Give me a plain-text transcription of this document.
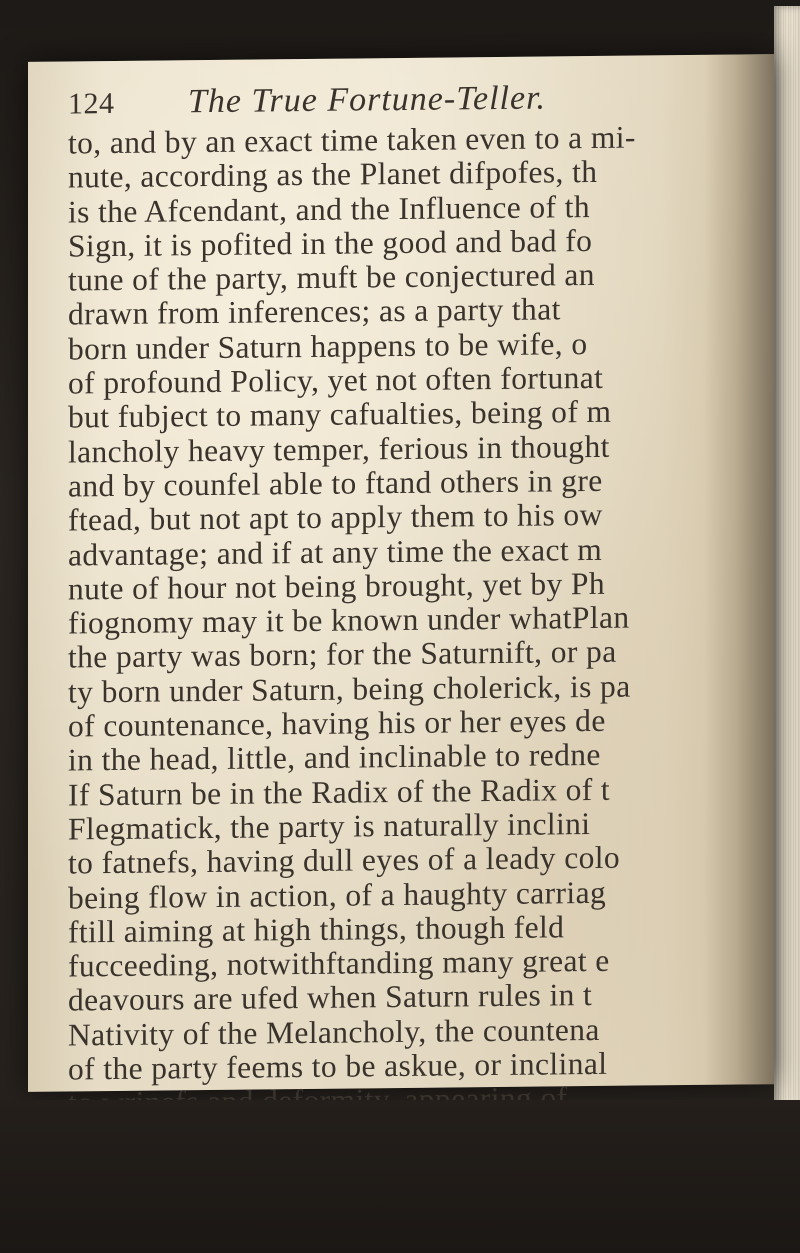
124	The True Fortune-Teller.
to, and by an exact time taken even to a mi-
nute, according as the Planet difpofes, th
is the Afcendant, and the Influence of th
Sign, it is pofited in the good and bad fo
tune of the party, muft be conjectured an
drawn from inferences; as a party that
born under Saturn happens to be wife, o
of profound Policy, yet not often fortunat
but fubject to many cafualties, being of m
lancholy heavy temper, ferious in thought
and by counfel able to ftand others in gre
ftead, but not apt to apply them to his ow
advantage; and if at any time the exact m
nute of hour not being brought, yet by Ph
fiognomy may it be known under whatPlan
the party was born; for the Saturnift, or pa
ty born under Saturn, being cholerick, is pa
of countenance, having his or her eyes de
in the head, little, and inclinable to redne
If Saturn be in the Radix of the Radix of t
Flegmatick, the party is naturally inclini
to fatnefs, having dull eyes of a leady colo
being flow in action, of a haughty carriag
ftill aiming at high things, though feld
fucceeding, notwithftanding many great e
deavours are ufed when Saturn rules in t
Nativity of the Melancholy, the countena
of the party feems to be askue, or inclinal
